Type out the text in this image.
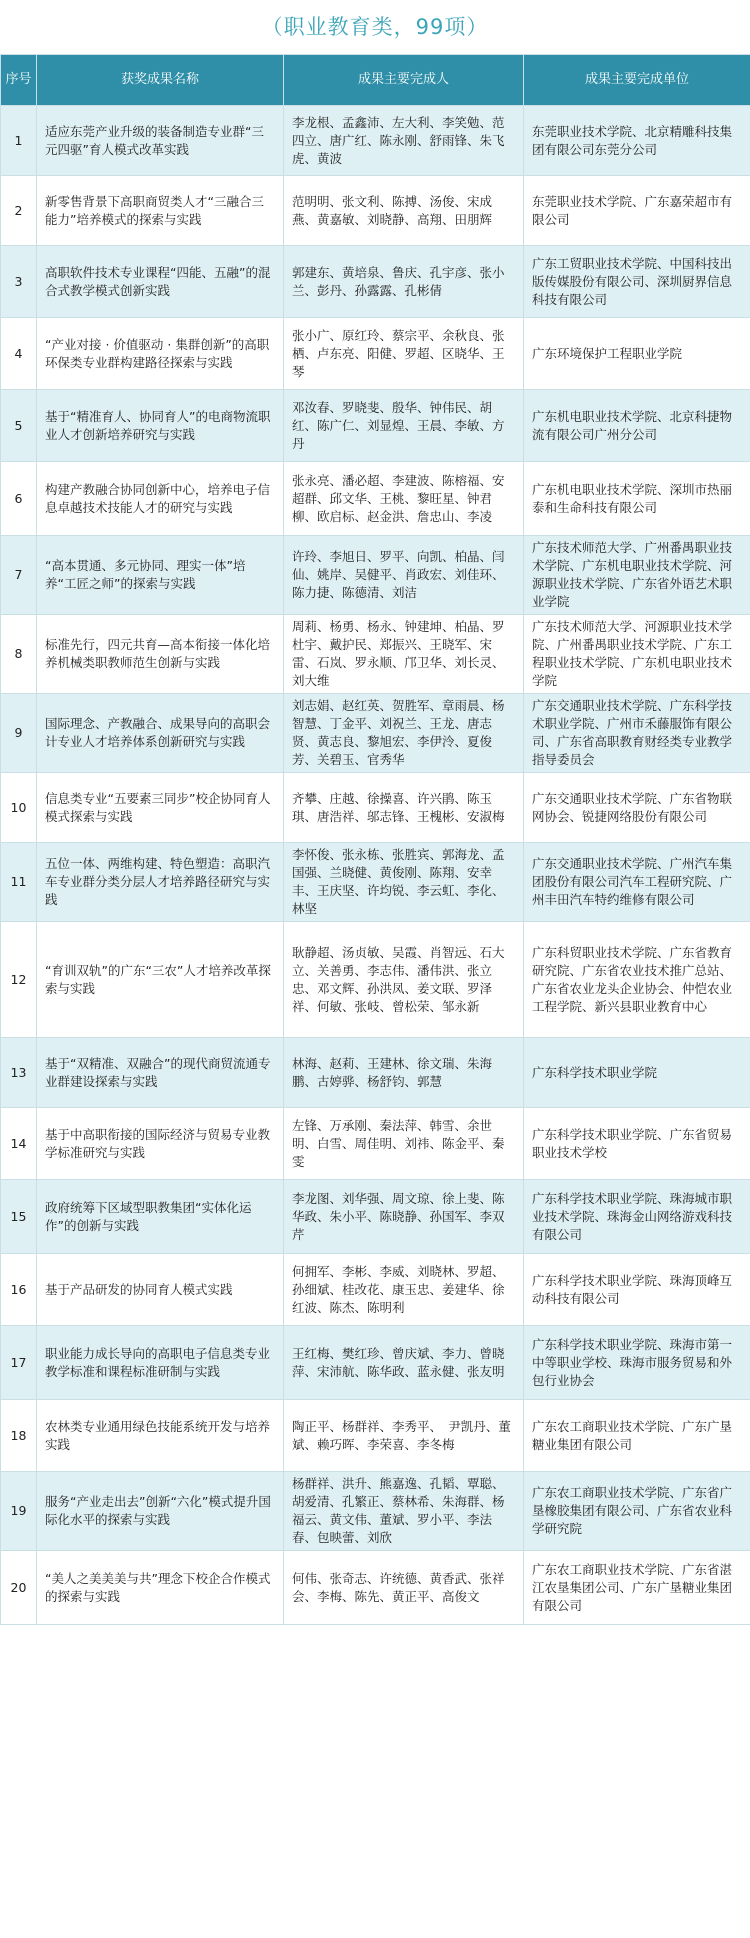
（职业教育类，99项）
序号	获奖成果名称	成果主要完成人	成果主要完成单位
1	适应东莞产业升级的装备制造专业群“三元四驱”育人模式改革实践	李龙根、孟鑫沛、左大利、李笑勉、范四立、唐广红、陈永刚、舒雨锋、朱飞虎、黄波	东莞职业技术学院、北京精雕科技集团有限公司东莞分公司
2	新零售背景下高职商贸类人才“三融合三能力”培养模式的探索与实践	范明明、张文利、陈搏、汤俊、宋成燕、黄嘉敏、刘晓静、高翔、田朋辉	东莞职业技术学院、广东嘉荣超市有限公司
3	高职软件技术专业课程“四能、五融”的混合式教学模式创新实践	郭建东、黄培泉、鲁庆、孔宇彦、张小兰、彭丹、孙露露、孔彬倩	广东工贸职业技术学院、中国科技出版传媒股份有限公司、深圳厨界信息科技有限公司
4	“产业对接 · 价值驱动 · 集群创新”的高职环保类专业群构建路径探索与实践	张小广、原红玲、蔡宗平、余秋良、张栖、卢东亮、阳健、罗超、区晓华、王琴	广东环境保护工程职业学院
5	基于“精准育人、协同育人”的电商物流职业人才创新培养研究与实践	邓汝春、罗晓斐、殷华、钟伟民、胡红、陈广仁、刘显煌、王晨、李敏、方丹	广东机电职业技术学院、北京科捷物流有限公司广州分公司
6	构建产教融合协同创新中心，培养电子信息卓越技术技能人才的研究与实践	张永亮、潘必超、李建波、陈榕福、安超群、邱文华、王桃、黎旺星、钟君柳、欧启标、赵金洪、詹忠山、李凌	广东机电职业技术学院、深圳市热丽泰和生命科技有限公司
7	“高本贯通、多元协同、理实一体”培养“工匠之师”的探索与实践	许玲、李旭日、罗平、向凯、柏晶、闫仙、姚岸、吴健平、肖政宏、刘佳环、陈力捷、陈德清、刘洁	广东技术师范大学、广州番禺职业技术学院、广东机电职业技术学院、河源职业技术学院、广东省外语艺术职业学院
8	标准先行，四元共育—高本衔接一体化培养机械类职教师范生创新与实践	周莉、杨勇、杨永、钟建坤、柏晶、罗杜宇、戴护民、郑振兴、王晓军、宋雷、石岚、罗永顺、邝卫华、刘长灵、刘大维	广东技术师范大学、河源职业技术学院、广州番禺职业技术学院、广东工程职业技术学院、广东机电职业技术学院
9	国际理念、产教融合、成果导向的高职会计专业人才培养体系创新研究与实践	刘志娟、赵红英、贺胜军、章雨晨、杨智慧、丁金平、刘祝兰、王龙、唐志贤、黄志良、黎旭宏、李伊泠、夏俊芳、关碧玉、官秀华	广东交通职业技术学院、广东科学技术职业学院、广州市禾藤服饰有限公司、广东省高职教育财经类专业教学指导委员会
10	信息类专业“五要素三同步”校企协同育人模式探索与实践	齐攀、庄越、徐操喜、许兴鹃、陈玉琪、唐浩祥、邬志锋、王槐彬、安淑梅	广东交通职业技术学院、广东省物联网协会、锐捷网络股份有限公司
11	五位一体、两维构建、特色塑造：高职汽车专业群分类分层人才培养路径研究与实践	李怀俊、张永栋、张胜宾、郭海龙、孟国强、兰晓健、黄俊刚、陈翔、安幸丰、王庆坚、许均锐、李云虹、李化、林坚	广东交通职业技术学院、广州汽车集团股份有限公司汽车工程研究院、广州丰田汽车特约维修有限公司
12	“育训双轨”的广东“三农”人才培养改革探索与实践	耿静超、汤贞敏、吴霞、肖智远、石大立、关善勇、李志伟、潘伟洪、张立忠、邓文辉、孙洪凤、姜文联、罗泽祥、何敏、张岐、曾松荣、邹永新	广东科贸职业技术学院、广东省教育研究院、广东省农业技术推广总站、广东省农业龙头企业协会、仲恺农业工程学院、新兴县职业教育中心
13	基于“双精准、双融合”的现代商贸流通专业群建设探索与实践	林海、赵莉、王建林、徐文瑞、朱海鹏、古婷骅、杨舒钧、郭慧	广东科学技术职业学院
14	基于中高职衔接的国际经济与贸易专业教学标准研究与实践	左锋、万承刚、秦法萍、韩雪、余世明、白雪、周佳明、刘祎、陈金平、秦雯	广东科学技术职业学院、广东省贸易职业技术学校
15	政府统筹下区域型职教集团“实体化运作”的创新与实践	李龙图、刘华强、周文琼、徐上斐、陈华政、朱小平、陈晓静、孙国军、李双芹	广东科学技术职业学院、珠海城市职业技术学院、珠海金山网络游戏科技有限公司
16	基于产品研发的协同育人模式实践	何拥军、李彬、李威、刘晓林、罗超、孙细斌、桂改花、康玉忠、姜建华、徐红波、陈杰、陈明利	广东科学技术职业学院、珠海顶峰互动科技有限公司
17	职业能力成长导向的高职电子信息类专业教学标准和课程标准研制与实践	王红梅、樊红珍、曾庆斌、李力、曾晓萍、宋沛航、陈华政、蓝永健、张友明	广东科学技术职业学院、珠海市第一中等职业学校、珠海市服务贸易和外包行业协会
18	农林类专业通用绿色技能系统开发与培养实践	陶正平、杨群祥、李秀平、　尹凯丹、董斌、赖巧晖、李荣喜、李冬梅	广东农工商职业技术学院、广东广垦糖业集团有限公司
19	服务“产业走出去”创新“六化”模式提升国际化水平的探索与实践	杨群祥、洪升、熊嘉逸、孔韬、覃聪、胡爱清、孔繁正、蔡林希、朱海群、杨福云、黄文伟、董斌、罗小平、李法春、包映蕾、刘欣	广东农工商职业技术学院、广东省广垦橡胶集团有限公司、广东省农业科学研究院
20	“美人之美美美与共”理念下校企合作模式的探索与实践	何伟、张奇志、许统德、黄香武、张祥会、李梅、陈先、黄正平、高俊文	广东农工商职业技术学院、广东省湛江农垦集团公司、广东广垦糖业集团有限公司
